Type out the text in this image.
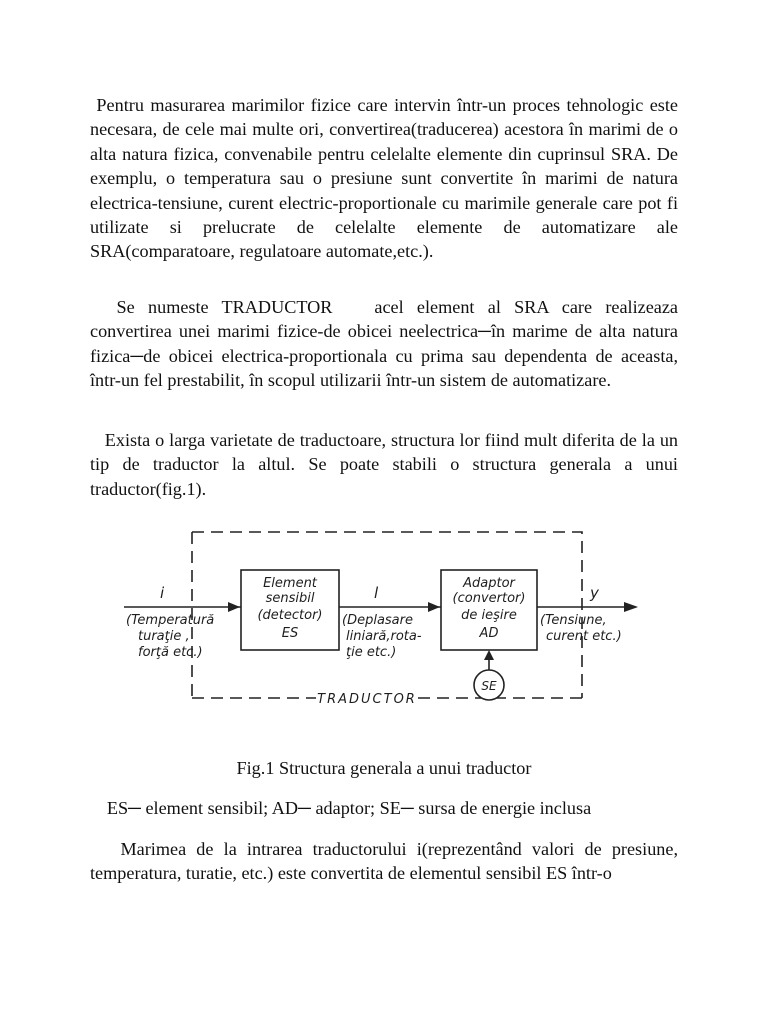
Pentru masurarea marimilor fizice care intervin într-un proces tehnologic este necesara, de cele mai multe ori, convertirea(traducerea) acestora în marimi de o alta natura fizica, convenabile pentru celelalte elemente din cuprinsul SRA. De exemplu, o temperatura sau o presiune sunt convertite în marimi de natura electrica-tensiune, curent electric-proportionale cu marimile generale care pot fi utilizate si prelucrate de celelalte elemente de automatizare ale SRA(comparatoare, regulatoare automate,etc.).

Se numeste TRADUCTOR acel element al SRA care realizeaza convertirea unei marimi fizice-de obicei neelectrica─în marime de alta natura fizica─de obicei electrica-proportionala cu prima sau dependenta de aceasta, într-un fel prestabilit, în scopul utilizarii într-un sistem de automatizare.

Exista o larga varietate de traductoare, structura lor fiind mult diferita de la un tip de traductor la altul. Se poate stabili o structura generala a unui traductor(fig.1).

i
(Temperatură
turaţie ,
forţă etc.)
Element
sensibil
(detector)
ES
l
(Deplasare
liniară,rota-
ţie etc.)
Adaptor
(convertor)
de ieşire
AD
y
(Tensiune,
curent etc.)
SE
TRADUCTOR

Fig.1 Structura generala a unui traductor

ES─ element sensibil; AD─ adaptor; SE─ sursa de energie inclusa

Marimea de la intrarea traductorului i(reprezentând valori de presiune, temperatura, turatie, etc.) este convertita de elementul sensibil ES într-o
